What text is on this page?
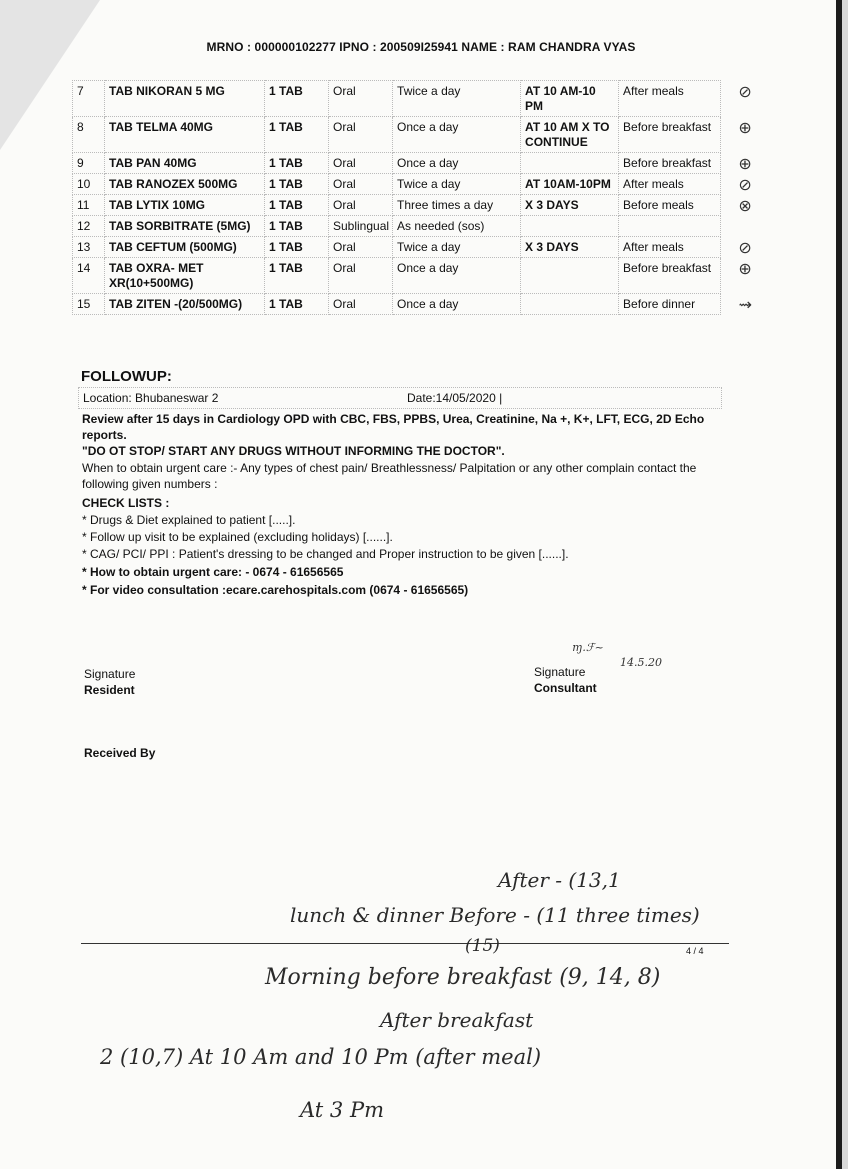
MRNO : 000000102277 IPNO : 200509I25941 NAME : RAM CHANDRA VYAS
7	TAB NIKORAN 5 MG	1 TAB	Oral	Twice a day	AT 10 AM-10 PM	After meals	⊘
8	TAB TELMA 40MG	1 TAB	Oral	Once a day	AT 10 AM X TO CONTINUE	Before breakfast	⊕
9	TAB PAN 40MG	1 TAB	Oral	Once a day		Before breakfast	⊕
10	TAB RANOZEX 500MG	1 TAB	Oral	Twice a day	AT 10AM-10PM	After meals	⊘
11	TAB LYTIX 10MG	1 TAB	Oral	Three times a day	X 3 DAYS	Before meals	⊗
12	TAB SORBITRATE (5MG)	1 TAB	Sublingual	As needed (sos)			
13	TAB CEFTUM (500MG)	1 TAB	Oral	Twice a day	X 3 DAYS	After meals	⊘
14	TAB OXRA- MET XR(10+500MG)	1 TAB	Oral	Once a day		Before breakfast	⊕
15	TAB ZITEN -(20/500MG)	1 TAB	Oral	Once a day		Before dinner	⇝
FOLLOWUP:
Location: Bhubaneswar 2	Date:14/05/2020 |
Review after 15 days in Cardiology OPD with CBC, FBS, PPBS, Urea, Creatinine, Na +, K+, LFT, ECG, 2D Echo reports.
"DO OT STOP/ START ANY DRUGS WITHOUT INFORMING THE DOCTOR".
When to obtain urgent care :- Any types of chest pain/ Breathlessness/ Palpitation or any other complain contact the following given numbers :
CHECK LISTS :
* Drugs & Diet explained to patient [.....].
* Follow up visit to be explained (excluding holidays) [......].
* CAG/ PCI/ PPI : Patient's dressing to be changed and Proper instruction to be given [......].
* How to obtain urgent care: - 0674 - 61656565
* For video consultation :ecare.carehospitals.com (0674 - 61656565)
Signature
Resident
Signature
Consultant
ɱ.ℱ~
14.5.20
Received By
4 / 4
After - (13,1
lunch & dinner Before - (11 three times)
(15)
Morning before breakfast (9, 14, 8)
After breakfast
2 (10,7) At 10 Am and 10 Pm (after meal)
At 3 Pm
